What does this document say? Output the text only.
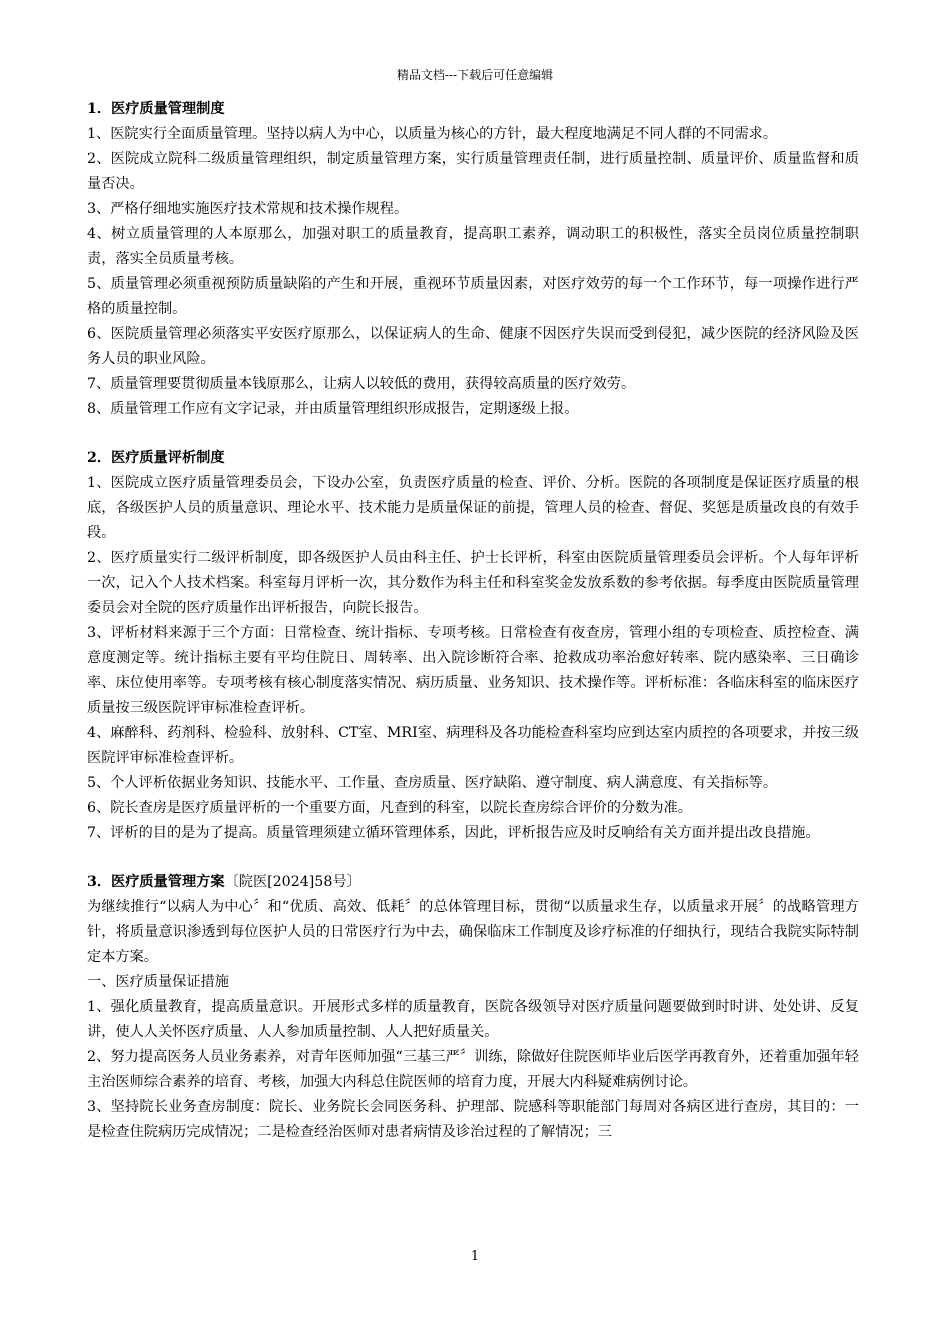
精品文档---下载后可任意编辑

1．医疗质量管理制度

1、医院实行全面质量管理。坚持以病人为中心，以质量为核心的方针，最大程度地满足不同人群的不同需求。

2、医院成立院科二级质量管理组织，制定质量管理方案，实行质量管理责任制，进行质量控制、质量评价、质量监督和质量否决。

3、严格仔细地实施医疗技术常规和技术操作规程。

4、树立质量管理的人本原那么，加强对职工的质量教育，提高职工素养，调动职工的积极性，落实全员岗位质量控制职责，落实全员质量考核。

5、质量管理必须重视预防质量缺陷的产生和开展，重视环节质量因素，对医疗效劳的每一个工作环节，每一项操作进行严格的质量控制。

6、医院质量管理必须落实平安医疗原那么，以保证病人的生命、健康不因医疗失误而受到侵犯，减少医院的经济风险及医务人员的职业风险。

7、质量管理要贯彻质量本钱原那么，让病人以较低的费用，获得较高质量的医疗效劳。

8、质量管理工作应有文字记录，并由质量管理组织形成报告，定期逐级上报。

2．医疗质量评析制度

1、医院成立医疗质量管理委员会，下设办公室，负责医疗质量的检查、评价、分析。医院的各项制度是保证医疗质量的根底，各级医护人员的质量意识、理论水平、技术能力是质量保证的前提，管理人员的检查、督促、奖惩是质量改良的有效手段。

2、医疗质量实行二级评析制度，即各级医护人员由科主任、护士长评析，科室由医院质量管理委员会评析。个人每年评析一次，记入个人技术档案。科室每月评析一次，其分数作为科主任和科室奖金发放系数的参考依据。每季度由医院质量管理委员会对全院的医疗质量作出评析报告，向院长报告。

3、评析材料来源于三个方面：日常检查、统计指标、专项考核。日常检查有夜查房，管理小组的专项检查、质控检查、满意度测定等。统计指标主要有平均住院日、周转率、出入院诊断符合率、抢救成功率治愈好转率、院内感染率、三日确诊率、床位使用率等。专项考核有核心制度落实情况、病历质量、业务知识、技术操作等。评析标准：各临床科室的临床医疗质量按三级医院评审标准检查评析。

4、麻醉科、药剂科、检验科、放射科、CT室、MRI室、病理科及各功能检查科室均应到达室内质控的各项要求，并按三级医院评审标准检查评析。

5、个人评析依据业务知识、技能水平、工作量、查房质量、医疗缺陷、遵守制度、病人满意度、有关指标等。

6、院长查房是医疗质量评析的一个重要方面，凡查到的科室，以院长查房综合评价的分数为准。

7、评析的目的是为了提高。质量管理须建立循环管理体系，因此，评析报告应及时反响给有关方面并提出改良措施。

3．医疗质量管理方案〔院医[2024]58号〕

为继续推行“以病人为中心〞和“优质、高效、低耗〞的总体管理目标，贯彻“以质量求生存，以质量求开展〞的战略管理方针，将质量意识渗透到每位医护人员的日常医疗行为中去，确保临床工作制度及诊疗标准的仔细执行，现结合我院实际特制定本方案。

一、医疗质量保证措施

1、强化质量教育，提高质量意识。开展形式多样的质量教育，医院各级领导对医疗质量问题要做到时时讲、处处讲、反复讲，使人人关怀医疗质量、人人参加质量控制、人人把好质量关。

2、努力提高医务人员业务素养，对青年医师加强“三基三严〞训练，除做好住院医师毕业后医学再教育外，还着重加强年轻主治医师综合素养的培育、考核，加强大内科总住院医师的培育力度，开展大内科疑难病例讨论。

3、坚持院长业务查房制度：院长、业务院长会同医务科、护理部、院感科等职能部门每周对各病区进行查房，其目的：一是检查住院病历完成情况；二是检查经治医师对患者病情及诊治过程的了解情况；三

1
